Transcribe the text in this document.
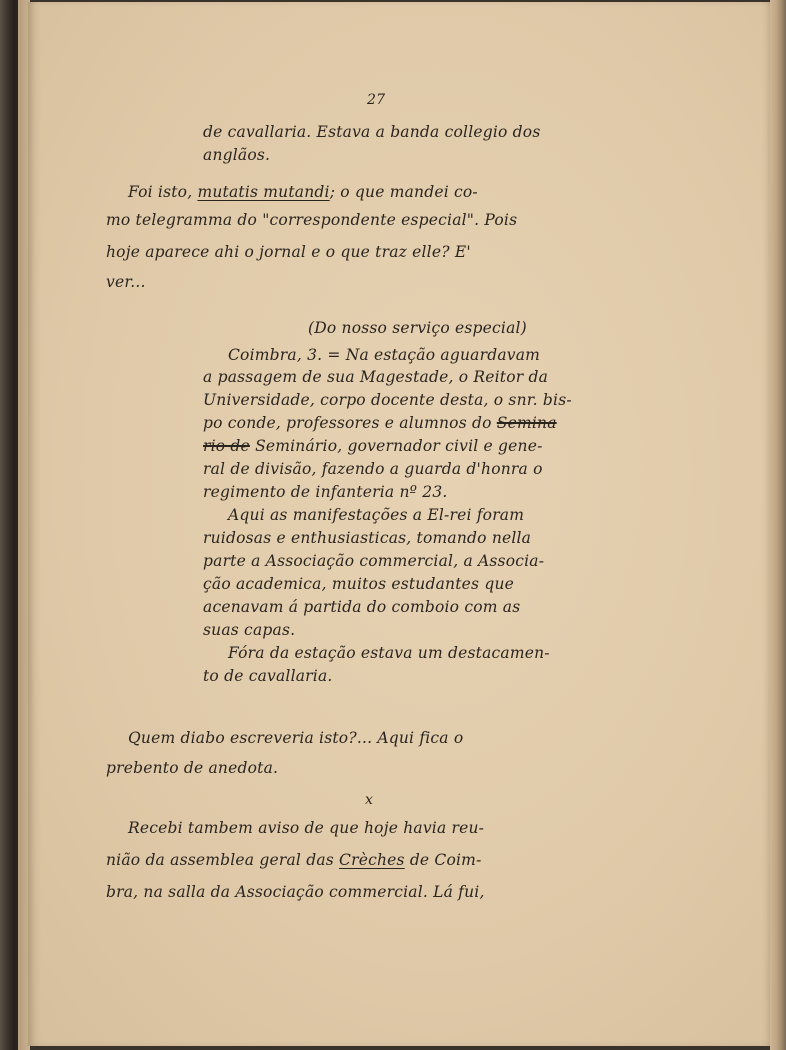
27
de cavallaria. Estava a banda collegio dos
anglãos.
Foi isto, mutatis mutandi; o que mandei co-
mo telegramma do "correspondente especial". Pois
hoje aparece ahi o jornal e o que traz elle? E'
ver...
(Do nosso serviço especial)
Coimbra, 3. = Na estação aguardavam
a passagem de sua Magestade, o Reitor da
Universidade, corpo docente desta, o snr. bis-
po conde, professores e alumnos do Semina
rio de Seminário, governador civil e gene-
ral de divisão, fazendo a guarda d'honra o
regimento de infanteria nº 23.
Aqui as manifestações a El-rei foram
ruidosas e enthusiasticas, tomando nella
parte a Associação commercial, a Associa-
ção academica, muitos estudantes que
acenavam á partida do comboio com as
suas capas.
Fóra da estação estava um destacamen-
to de cavallaria.
Quem diabo escreveria isto?... Aqui fica o
prebento de anedota.
x
Recebi tambem aviso de que hoje havia reu-
nião da assemblea geral das Crèches de Coim-
bra, na salla da Associação commercial. Lá fui,
